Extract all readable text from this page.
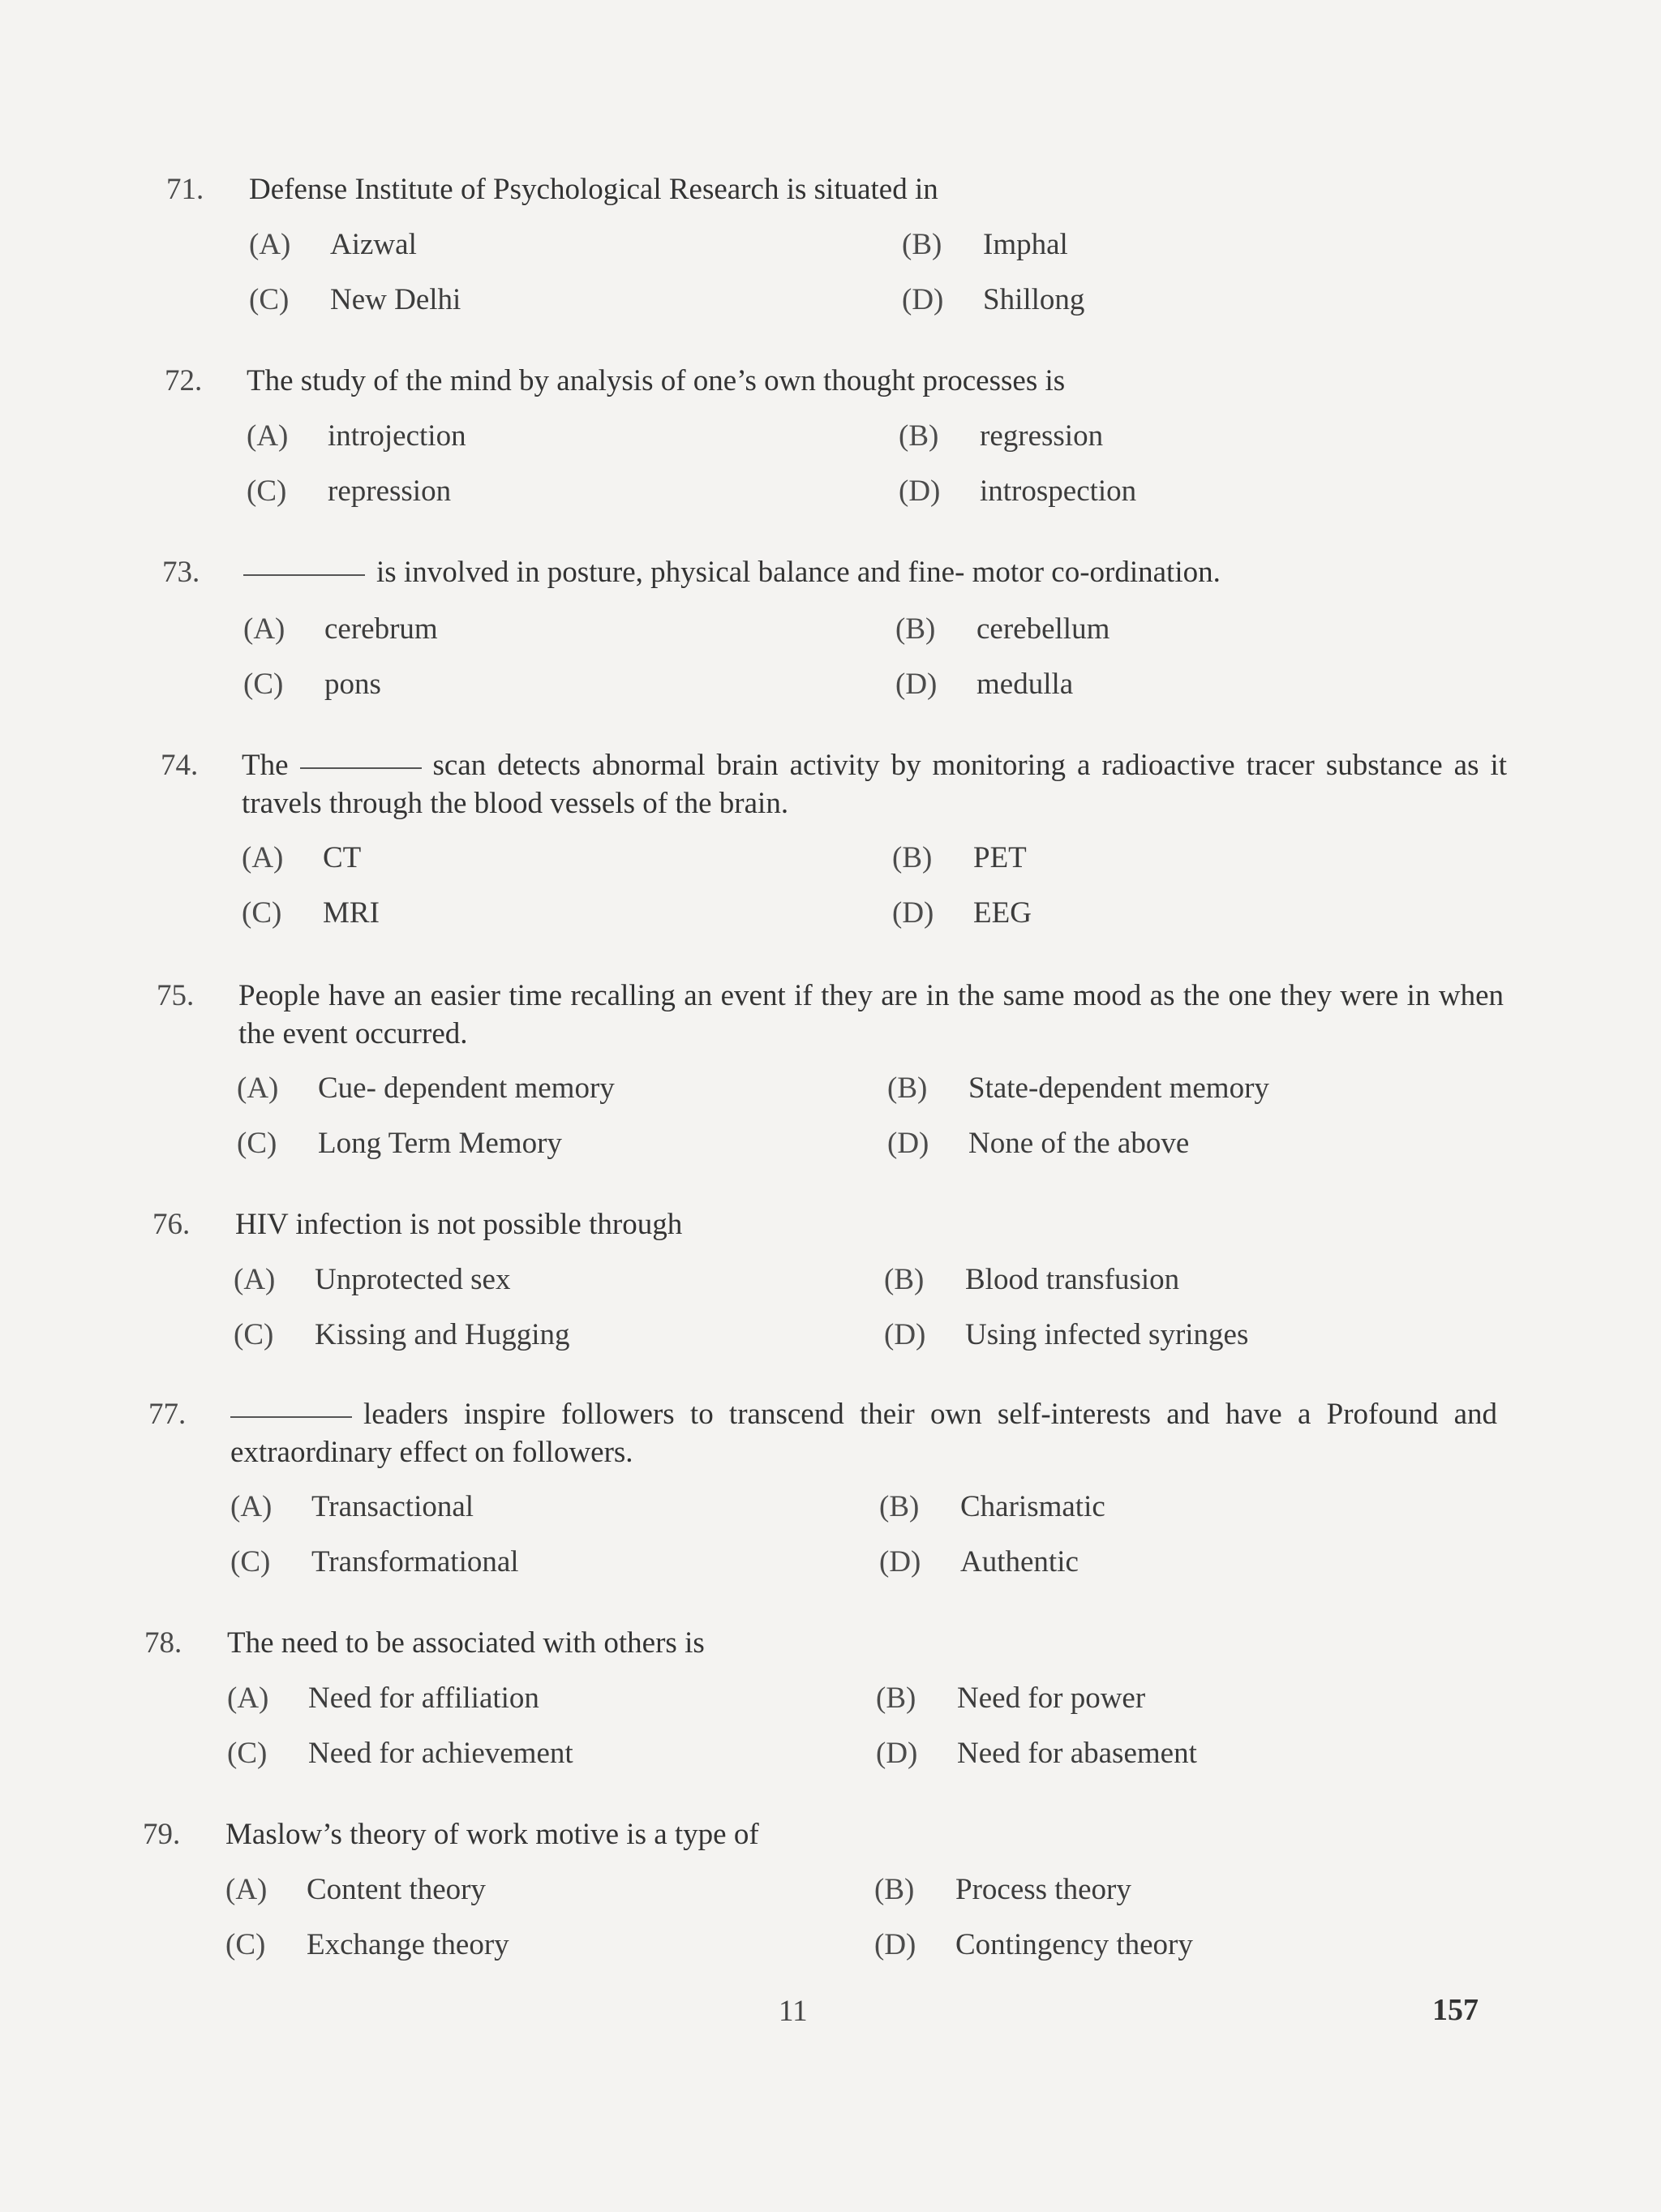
71. Defense Institute of Psychological Research is situated in
(A) Aizwal	(B) Imphal
(C) New Delhi	(D) Shillong
72. The study of the mind by analysis of one’s own thought processes is
(A) introjection	(B) regression
(C) repression	(D) introspection
73.	is involved in posture, physical balance and fine- motor co-ordination.
(A) cerebrum	(B) cerebellum
(C) pons	(D) medulla
74. The	scan detects abnormal brain activity by monitoring a radioactive tracer substance as it travels through the blood vessels of the brain.
(A) CT	(B) PET
(C) MRI	(D) EEG
75. People have an easier time recalling an event if they are in the same mood as the one they were in when the event occurred.
(A) Cue- dependent memory	(B) State-dependent memory
(C) Long Term Memory	(D) None of the above
76. HIV infection is not possible through
(A) Unprotected sex	(B) Blood transfusion
(C) Kissing and Hugging	(D) Using infected syringes
77.	leaders inspire followers to transcend their own self-interests and have a Profound and extraordinary effect on followers.
(A) Transactional	(B) Charismatic
(C) Transformational	(D) Authentic
78. The need to be associated with others is
(A) Need for affiliation	(B) Need for power
(C) Need for achievement	(D) Need for abasement
79. Maslow’s theory of work motive is a type of
(A) Content theory	(B) Process theory
(C) Exchange theory	(D) Contingency theory
11	157
